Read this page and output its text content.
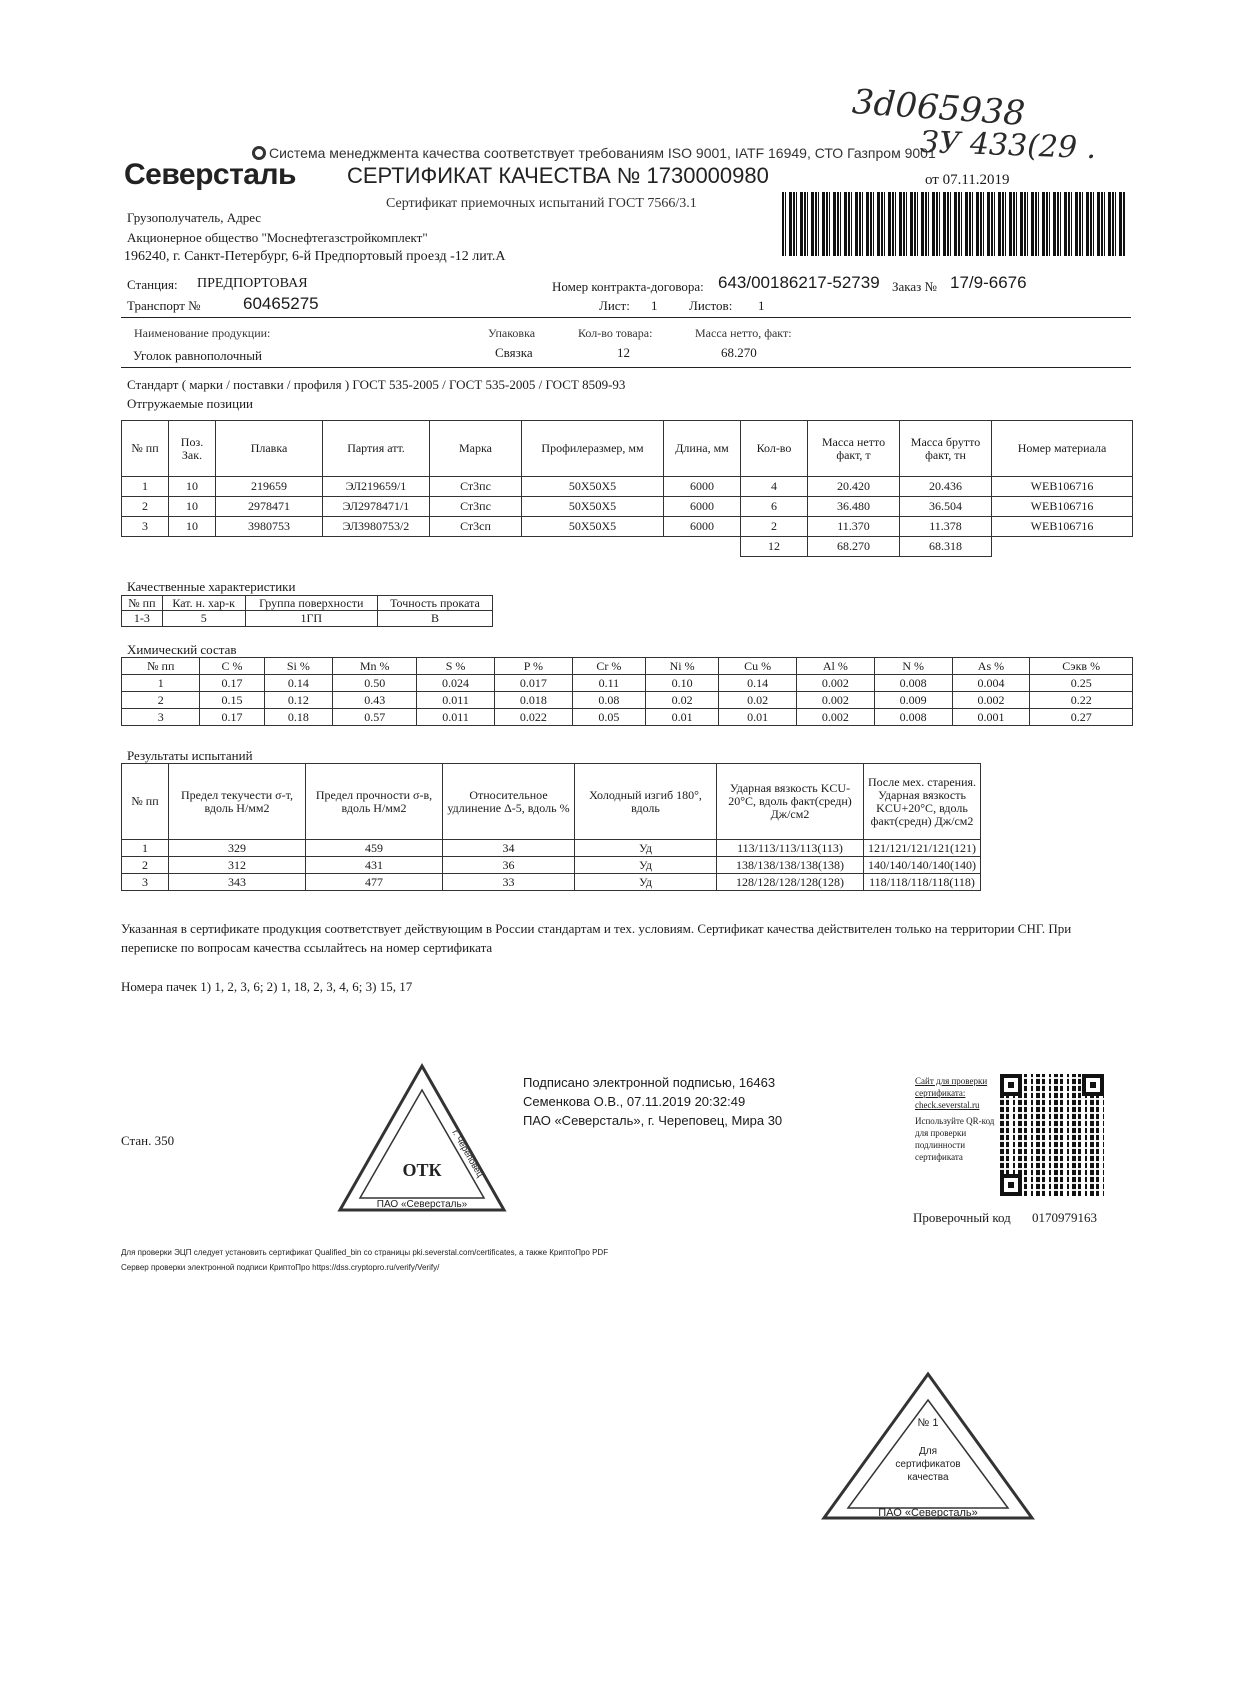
3d065938
ЗУ 433(29 .
Система менеджмента качества соответствует требованиям ISO 9001, IATF 16949, СТО Газпром 9001
Северсталь СЕРТИФИКАТ КАЧЕСТВА № 1730000980	от 07.11.2019
Сертификат приемочных испытаний ГОСТ 7566/3.1
Грузополучатель, Адрес
Акционерное общество "Моснефтегазстройкомплект"
196240, г. Санкт-Петербург, 6-й Предпортовый проезд -12 лит.А
Станция: ПРЕДПОРТОВАЯ
Транспорт № 60465275
Номер контракта-договора: 643/00186217-52739 Заказ № 17/9-6676
Лист: 1 Листов: 1
Наименование продукции:
Уголок равнополочный
Упаковка
Связка
Кол-во товара:
12
Масса нетто, факт:
68.270
Стандарт ( марки / поставки / профиля ) ГОСТ 535-2005 / ГОСТ 535-2005 / ГОСТ 8509-93
Отгружаемые позиции
№ пп	Поз. Зак.	Плавка	Партия атт.	Марка	Профилеразмер, мм	Длина, мм	Кол-во	Масса нетто факт, т	Масса брутто факт, тн	Номер материала
1	10	219659	ЭЛ219659/1	Ст3пс	50X50X5	6000	4	20.420	20.436	WEB106716
2	10	2978471	ЭЛ2978471/1	Ст3пс	50X50X5	6000	6	36.480	36.504	WEB106716
3	10	3980753	ЭЛ3980753/2	Ст3сп	50X50X5	6000	2	11.370	11.378	WEB106716
							12	68.270	68.318	
Качественные характеристики
№ пп	Кат. н. хар-к	Группа поверхности	Точность проката
1-3	5	1ГП	B
Химический состав
№ пп	C %	Si %	Mn %	S %	P %	Cr %	Ni %	Cu %	Al %	N %	As %	Сэкв %
1	0.17	0.14	0.50	0.024	0.017	0.11	0.10	0.14	0.002	0.008	0.004	0.25
2	0.15	0.12	0.43	0.011	0.018	0.08	0.02	0.02	0.002	0.009	0.002	0.22
3	0.17	0.18	0.57	0.011	0.022	0.05	0.01	0.01	0.002	0.008	0.001	0.27
Результаты испытаний
№ пп	Предел текучести σ-т, вдоль Н/мм2	Предел прочности σ-в, вдоль Н/мм2	Относительное удлинение Δ-5, вдоль %	Холодный изгиб 180°, вдоль	Ударная вязкость KCU-20°C, вдоль факт(средн) Дж/см2	После мех. старения. Ударная вязкость KCU+20°C, вдоль факт(средн) Дж/см2
1	329	459	34	Уд	113/113/113/113(113)	121/121/121/121(121)
2	312	431	36	Уд	138/138/138/138(138)	140/140/140/140(140)
3	343	477	33	Уд	128/128/128/128(128)	118/118/118/118(118)
Указанная в сертификате продукция соответствует действующим в России стандартам и тех. условиям. Сертификат качества действителен только на территории СНГ. При переписке по вопросам качества ссылайтесь на номер сертификата
Номера пачек 1) 1, 2, 3, 6; 2) 1, 18, 2, 3, 4, 6; 3) 15, 17
Стан. 350
ОТК
ПАО «Северсталь»
г. Череповец
Подписано электронной подписью, 16463
Семенкова О.В., 07.11.2019 20:32:49
ПАО «Северсталь», г. Череповец, Мира 30
Сайт для проверки
сертификата:
check.severstal.ru
Используйте QR-код для проверки подлинности сертификата
Проверочный код 0170979163
Для проверки ЭЦП следует установить сертификат Qualified_bin со страницы pki.severstal.com/certificates, а также КриптоПро PDF
Сервер проверки электронной подписи КриптоПро https://dss.cryptopro.ru/verify/Verify/
№ 1
Для
сертификатов
качества
ПАО «Северсталь»
